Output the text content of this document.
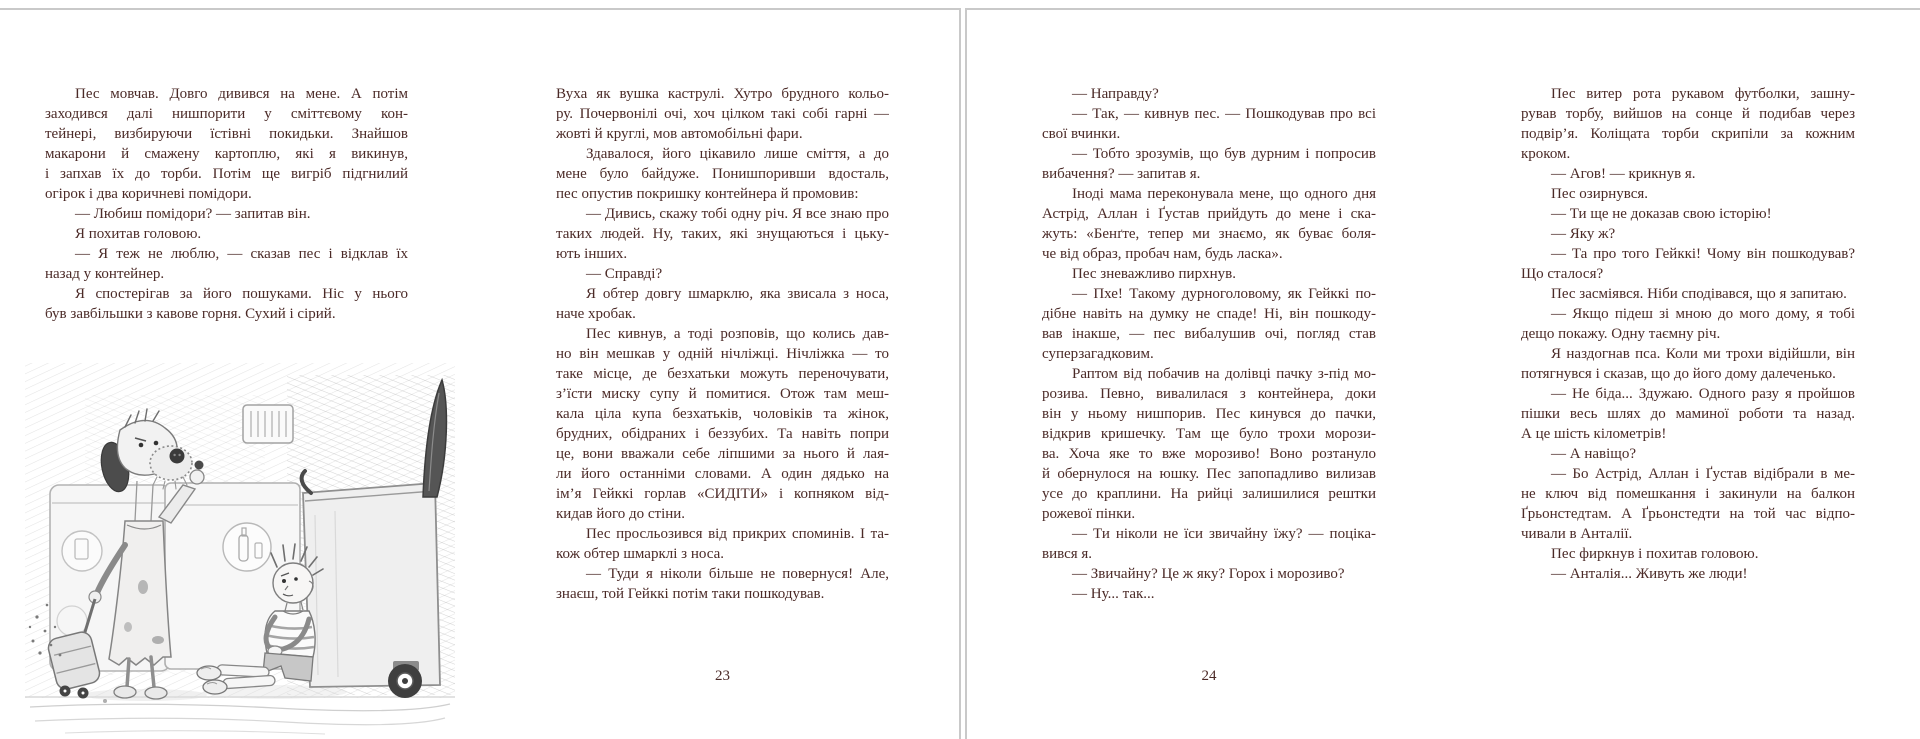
Пес мовчав. Довго дивився на мене. А потім
заходився далі нишпорити у сміттєвому кон-
тейнері, визбируючи їстівні покидьки. Знайшов
макарони й смажену картоплю, які я викинув,
і запхав їх до торби. Потім ще вигріб підгнилий
огірок і два коричневі помідори.
— Любиш помідори? — запитав він.
Я похитав головою.
— Я теж не люблю, — сказав пес і відклав їх
назад у контейнер.
Я спостерігав за його пошуками. Ніс у нього
був завбільшки з кавове горня. Сухий і сірий.
Вуха як вушка каструлі. Хутро брудного кольо-
ру. Почервонілі очі, хоч цілком такі собі гарні —
жовті й круглі, мов автомобільні фари.
Здавалося, його цікавило лише сміття, а до
мене було байдуже. Понишпоривши вдосталь,
пес опустив покришку контейнера й промовив:
— Дивись, скажу тобі одну річ. Я все знаю про
таких людей. Ну, таких, які знущаються і цьку-
ють інших.
— Справді?
Я обтер довгу шмарклю, яка звисала з носа,
наче хробак.
Пес кивнув, а тоді розповів, що колись дав-
но він мешкав у одній нічліжці. Нічліжка — то
таке місце, де безхатьки можуть переночувати,
з’їсти миску супу й помитися. Отож там меш-
кала ціла купа безхатьків, чоловіків та жінок,
брудних, обідраних і беззубих. Та навіть попри
це, вони вважали себе ліпшими за нього й лая-
ли його останніми словами. А один дядько на
ім’я Гейккі горлав «СИДІТИ» і копняком від-
кидав його до стіни.
Пес просльозився від прикрих споминів. І та-
кож обтер шмарклі з носа.
— Туди я ніколи більше не повернуся! Але,
знаєш, той Гейккі потім таки пошкодував.
— Направду?
— Так, — кивнув пес. — Пошкодував про всі
свої вчинки.
— Тобто зрозумів, що був дурним і попросив
вибачення? — запитав я.
Іноді мама переконувала мене, що одного дня
Астрід, Аллан і Ґустав прийдуть до мене і ска-
жуть: «Бенґте, тепер ми знаємо, як буває боля-
че від образ, пробач нам, будь ласка».
Пес зневажливо пирхнув.
— Пхе! Такому дурноголовому, як Гейккі по-
дібне навіть на думку не спаде! Ні, він пошкоду-
вав інакше, — пес вибалушив очі, погляд став
суперзагадковим.
Раптом від побачив на долівці пачку з-під мо-
розива. Певно, вивалилася з контейнера, доки
він у ньому нишпорив. Пес кинувся до пачки,
відкрив кришечку. Там ще було трохи морози-
ва. Хоча яке то вже морозиво! Воно розтануло
й обернулося на юшку. Пес запопадливо вилизав
усе до краплини. На рийці залишилися рештки
рожевої пінки.
— Ти ніколи не їси звичайну їжу? — поціка-
вився я.
— Звичайну? Це ж яку? Горох і морозиво?
— Ну... так...
Пес витер рота рукавом футболки, зашну-
рував торбу, вийшов на сонце й подибав через
подвір’я. Коліщата торби скрипіли за кожним
кроком.
— Агов! — крикнув я.
Пес озирнувся.
— Ти ще не доказав свою історію!
— Яку ж?
— Та про того Гейккі! Чому він пошкодував?
Що сталося?
Пес засміявся. Ніби сподівався, що я запитаю.
— Якщо підеш зі мною до мого дому, я тобі
дещо покажу. Одну таємну річ.
Я наздогнав пса. Коли ми трохи відійшли, він
потягнувся і сказав, що до його дому далеченько.
— Не біда... Здужаю. Одного разу я пройшов
пішки весь шлях до маминої роботи та назад.
А це шість кілометрів!
— А навіщо?
— Бо Астрід, Аллан і Ґустав відібрали в ме-
не ключ від помешкання і закинули на балкон
Ґрьонстедтам. А Ґрьонстедти на той час відпо-
чивали в Анталії.
Пес фиркнув і похитав головою.
— Анталія... Живуть же люди!
23	24
